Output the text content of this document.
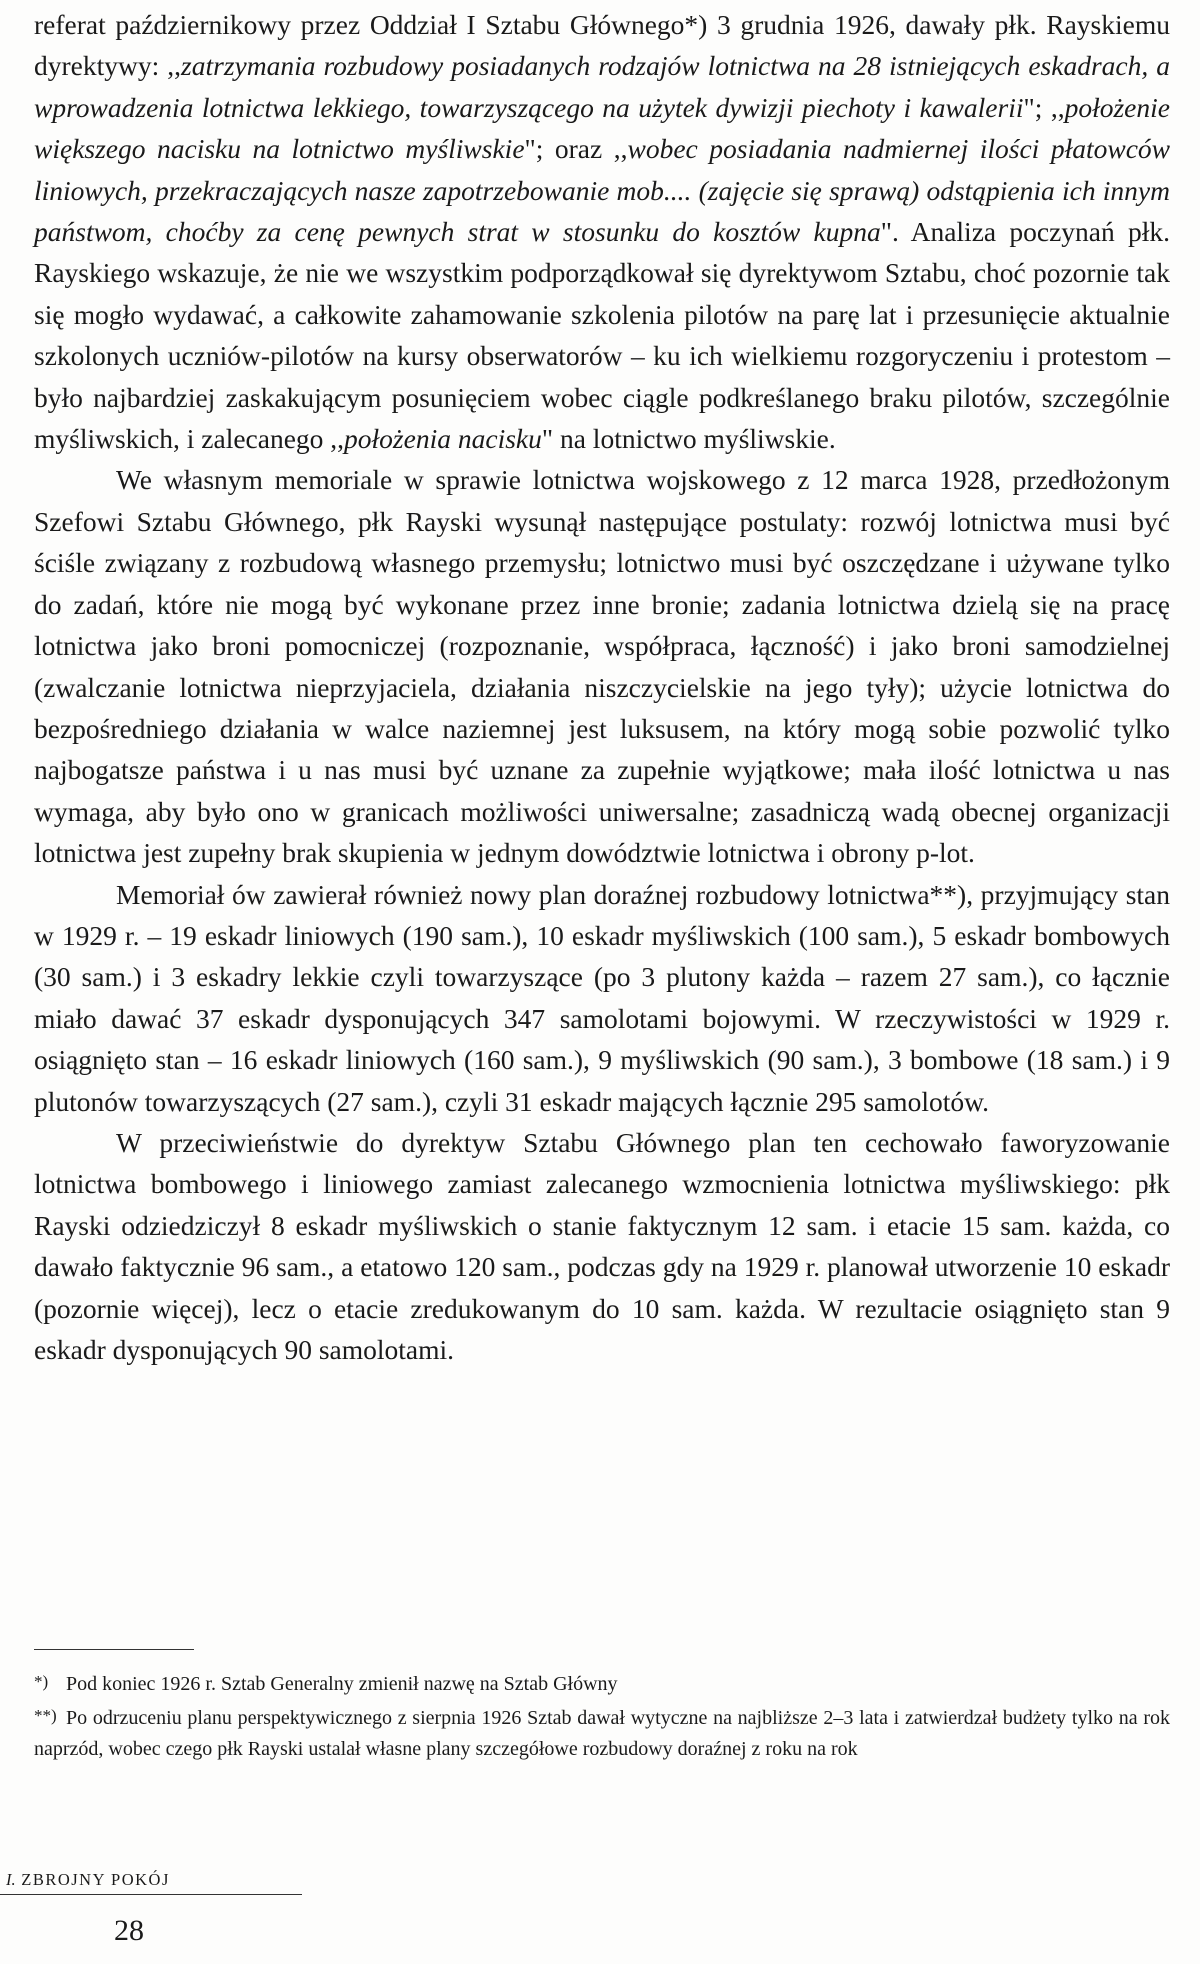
referat październikowy przez Oddział I Sztabu Głównego*) 3 grudnia 1926, dawały płk. Rayskiemu dyrektywy: ,,zatrzymania rozbudowy posiadanych rodzajów lotnictwa na 28 istniejących eskadrach, a wprowadzenia lotnictwa lekkiego, towarzyszącego na użytek dywizji piechoty i kawalerii"; ,,położenie większego nacisku na lotnictwo myśliwskie"; oraz ,,wobec posiadania nadmiernej ilości płatowców liniowych, przekraczających nasze zapotrzebowanie mob.... (zajęcie się sprawą) odstąpienia ich innym państwom, choćby za cenę pewnych strat w stosunku do kosztów kupna". Analiza poczynań płk. Rayskiego wskazuje, że nie we wszystkim podporządkował się dyrektywom Sztabu, choć pozornie tak się mogło wydawać, a całkowite zahamowanie szkolenia pilotów na parę lat i przesunięcie aktualnie szkolonych uczniów-pilotów na kursy obserwatorów – ku ich wielkiemu rozgoryczeniu i protestom – było najbardziej zaskakującym posunięciem wobec ciągle podkreślanego braku pilotów, szczególnie myśliwskich, i zalecanego ,,położenia nacisku" na lotnictwo myśliwskie.

We własnym memoriale w sprawie lotnictwa wojskowego z 12 marca 1928, przedłożonym Szefowi Sztabu Głównego, płk Rayski wysunął następujące postulaty: rozwój lotnictwa musi być ściśle związany z rozbudową własnego przemysłu; lotnictwo musi być oszczędzane i używane tylko do zadań, które nie mogą być wykonane przez inne bronie; zadania lotnictwa dzielą się na pracę lotnictwa jako broni pomocniczej (rozpoznanie, współpraca, łączność) i jako broni samodzielnej (zwalczanie lotnictwa nieprzyjaciela, działania niszczycielskie na jego tyły); użycie lotnictwa do bezpośredniego działania w walce naziemnej jest luksusem, na który mogą sobie pozwolić tylko najbogatsze państwa i u nas musi być uznane za zupełnie wyjątkowe; mała ilość lotnictwa u nas wymaga, aby było ono w granicach możliwości uniwersalne; zasadniczą wadą obecnej organizacji lotnictwa jest zupełny brak skupienia w jednym dowództwie lotnictwa i obrony p-lot.

Memoriał ów zawierał również nowy plan doraźnej rozbudowy lotnictwa**), przyjmujący stan w 1929 r. – 19 eskadr liniowych (190 sam.), 10 eskadr myśliwskich (100 sam.), 5 eskadr bombowych (30 sam.) i 3 eskadry lekkie czyli towarzyszące (po 3 plutony każda – razem 27 sam.), co łącznie miało dawać 37 eskadr dysponujących 347 samolotami bojowymi. W rzeczywistości w 1929 r. osiągnięto stan – 16 eskadr liniowych (160 sam.), 9 myśliwskich (90 sam.), 3 bombowe (18 sam.) i 9 plutonów towarzyszących (27 sam.), czyli 31 eskadr mających łącznie 295 samolotów.

W przeciwieństwie do dyrektyw Sztabu Głównego plan ten cechowało faworyzowanie lotnictwa bombowego i liniowego zamiast zalecanego wzmocnienia lotnictwa myśliwskiego: płk Rayski odziedziczył 8 eskadr myśliwskich o stanie faktycznym 12 sam. i etacie 15 sam. każda, co dawało faktycznie 96 sam., a etatowo 120 sam., podczas gdy na 1929 r. planował utworzenie 10 eskadr (pozornie więcej), lecz o etacie zredukowanym do 10 sam. każda. W rezultacie osiągnięto stan 9 eskadr dysponujących 90 samolotami.

*) Pod koniec 1926 r. Sztab Generalny zmienił nazwę na Sztab Główny

**) Po odrzuceniu planu perspektywicznego z sierpnia 1926 Sztab dawał wytyczne na najbliższe 2–3 lata i zatwierdzał budżety tylko na rok naprzód, wobec czego płk Rayski ustalał własne plany szczegółowe rozbudowy doraźnej z roku na rok

I. ZBROJNY POKÓJ
28
